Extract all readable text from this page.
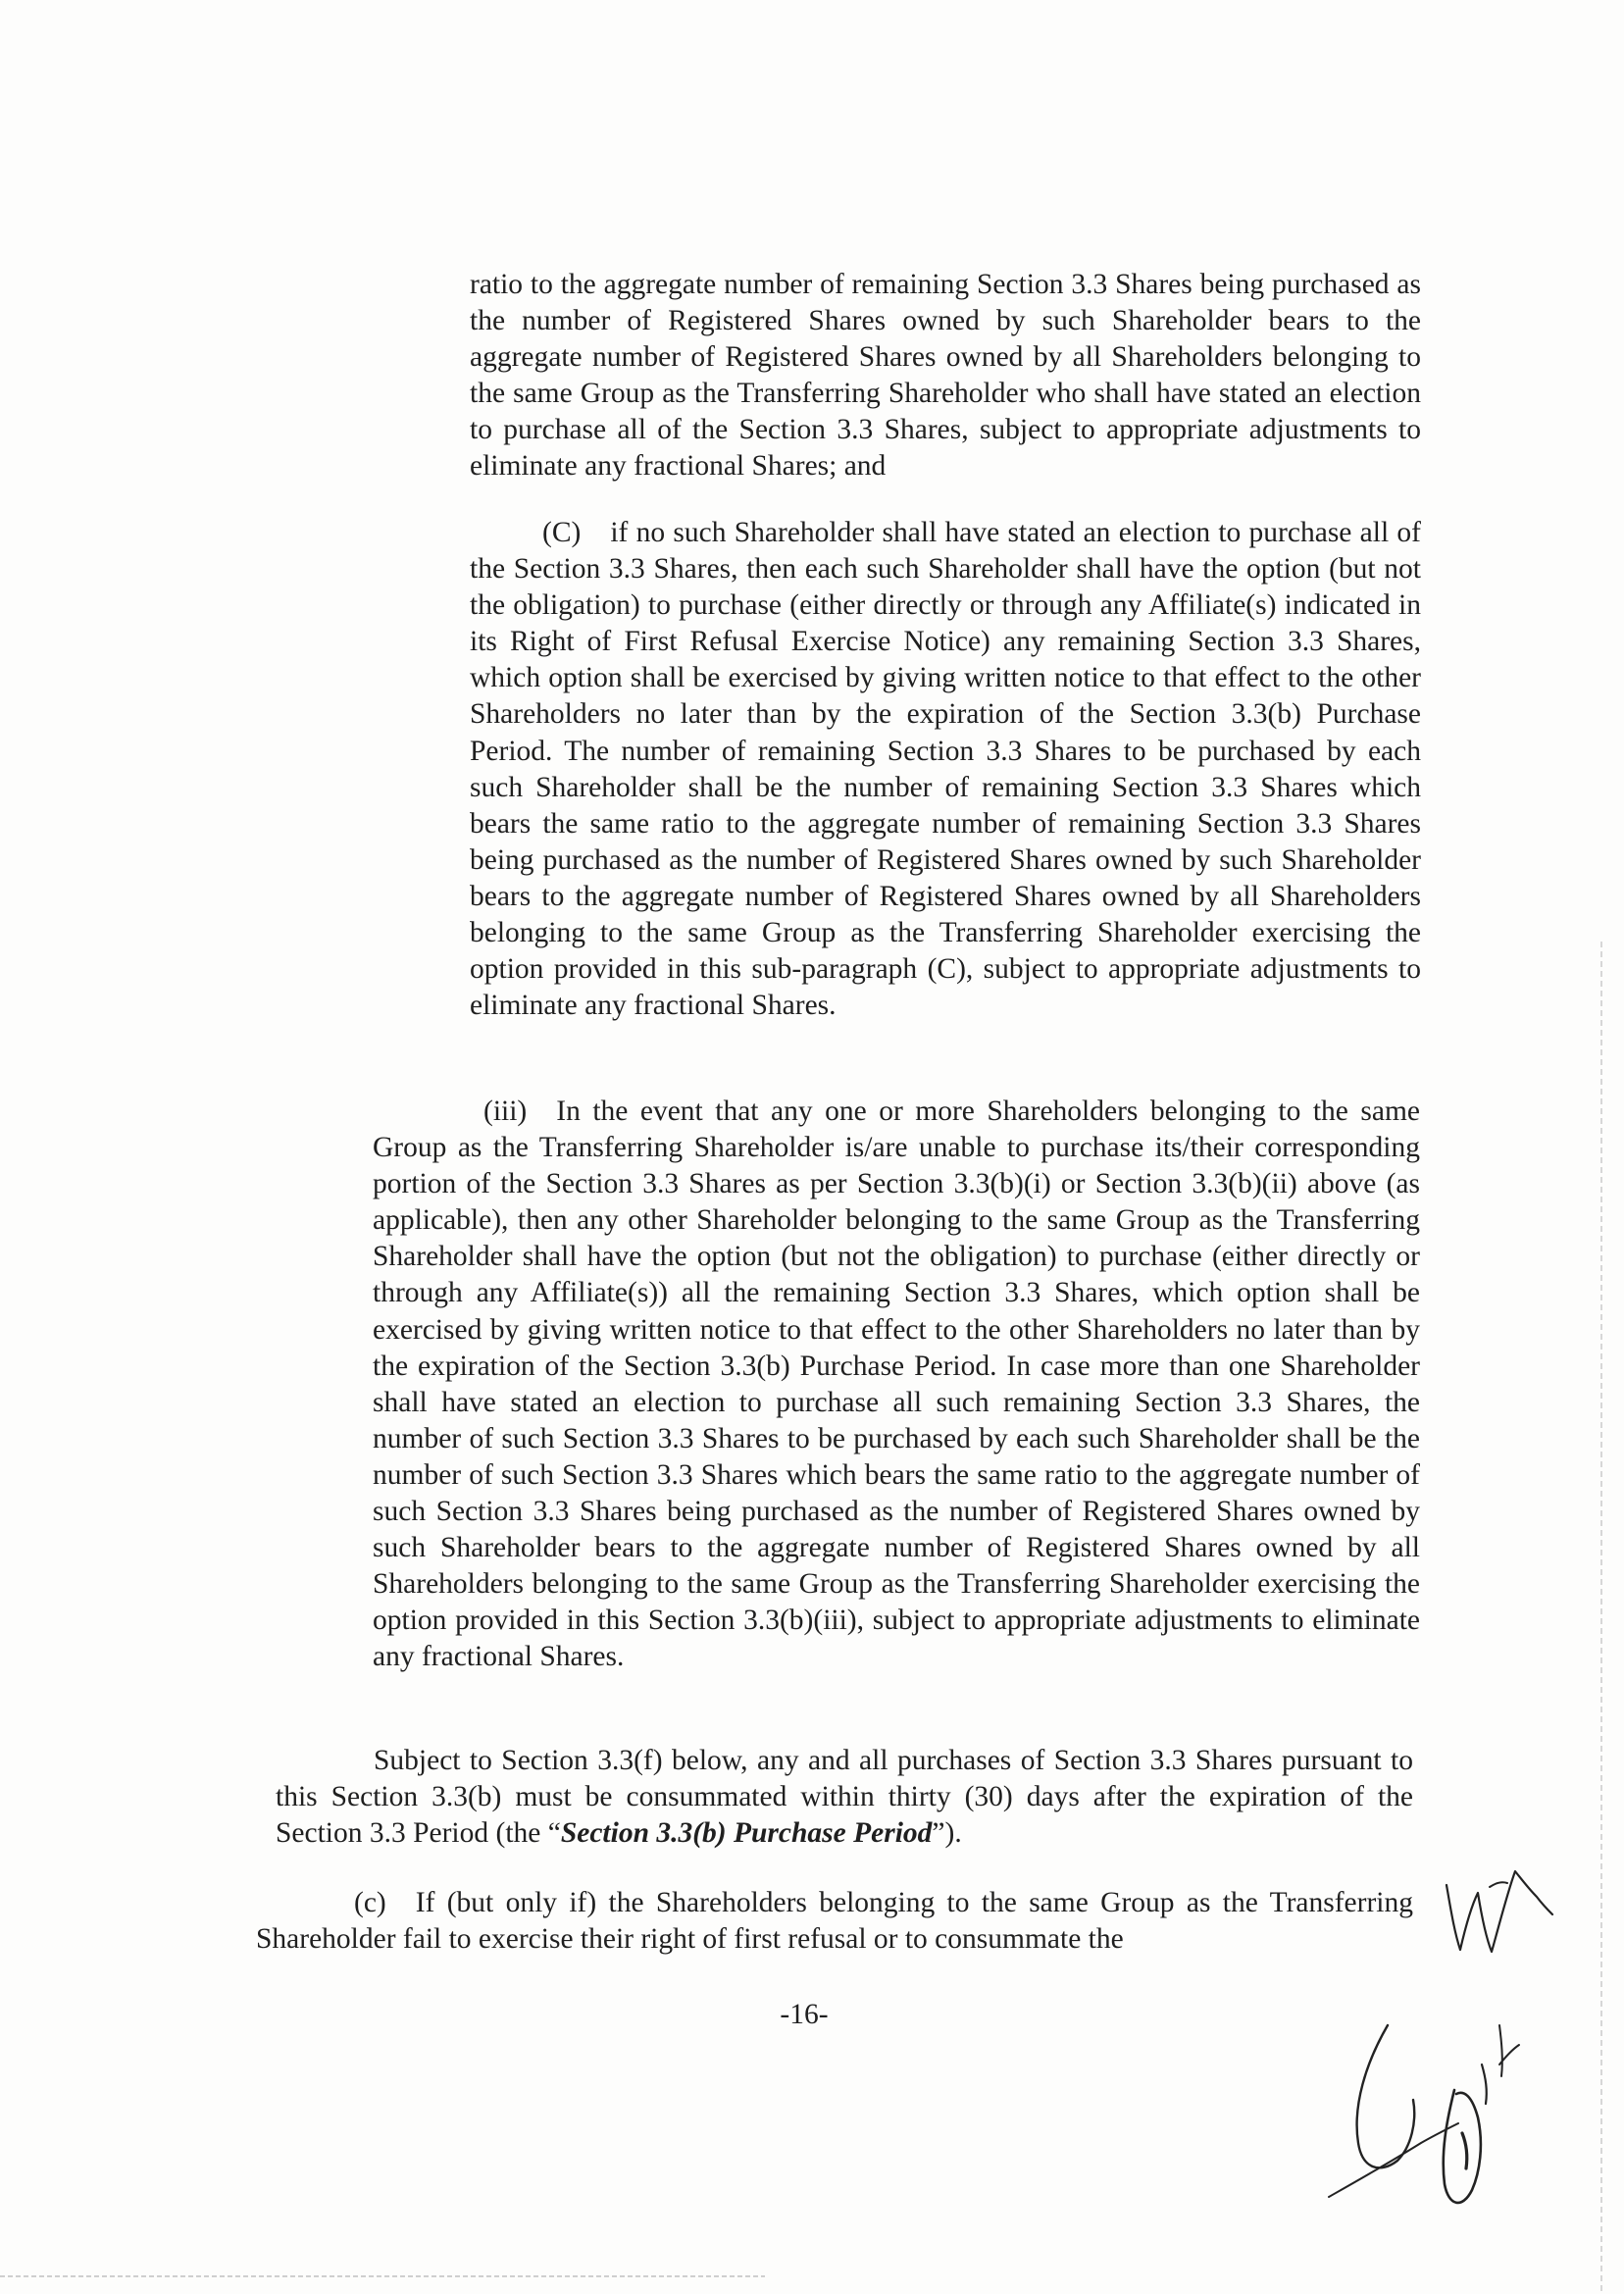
ratio to the aggregate number of remaining Section 3.3 Shares being purchased as the number of Registered Shares owned by such Shareholder bears to the aggregate number of Registered Shares owned by all Shareholders belonging to the same Group as the Transferring Shareholder who shall have stated an election to purchase all of the Section 3.3 Shares, subject to appropriate adjustments to eliminate any fractional Shares; and

(C) if no such Shareholder shall have stated an election to purchase all of the Section 3.3 Shares, then each such Shareholder shall have the option (but not the obligation) to purchase (either directly or through any Affiliate(s) indicated in its Right of First Refusal Exercise Notice) any remaining Section 3.3 Shares, which option shall be exercised by giving written notice to that effect to the other Shareholders no later than by the expiration of the Section 3.3(b) Purchase Period. The number of remaining Section 3.3 Shares to be purchased by each such Shareholder shall be the number of remaining Section 3.3 Shares which bears the same ratio to the aggregate number of remaining Section 3.3 Shares being purchased as the number of Registered Shares owned by such Shareholder bears to the aggregate number of Registered Shares owned by all Shareholders belonging to the same Group as the Transferring Shareholder exercising the option provided in this sub-paragraph (C), subject to appropriate adjustments to eliminate any fractional Shares.

(iii) In the event that any one or more Shareholders belonging to the same Group as the Transferring Shareholder is/are unable to purchase its/their corresponding portion of the Section 3.3 Shares as per Section 3.3(b)(i) or Section 3.3(b)(ii) above (as applicable), then any other Shareholder belonging to the same Group as the Transferring Shareholder shall have the option (but not the obligation) to purchase (either directly or through any Affiliate(s)) all the remaining Section 3.3 Shares, which option shall be exercised by giving written notice to that effect to the other Shareholders no later than by the expiration of the Section 3.3(b) Purchase Period. In case more than one Shareholder shall have stated an election to purchase all such remaining Section 3.3 Shares, the number of such Section 3.3 Shares to be purchased by each such Shareholder shall be the number of such Section 3.3 Shares which bears the same ratio to the aggregate number of such Section 3.3 Shares being purchased as the number of Registered Shares owned by such Shareholder bears to the aggregate number of Registered Shares owned by all Shareholders belonging to the same Group as the Transferring Shareholder exercising the option provided in this Section 3.3(b)(iii), subject to appropriate adjustments to eliminate any fractional Shares.

Subject to Section 3.3(f) below, any and all purchases of Section 3.3 Shares pursuant to this Section 3.3(b) must be consummated within thirty (30) days after the expiration of the Section 3.3 Period (the “Section 3.3(b) Purchase Period”).

(c) If (but only if) the Shareholders belonging to the same Group as the Transferring Shareholder fail to exercise their right of first refusal or to consummate the

-16-
